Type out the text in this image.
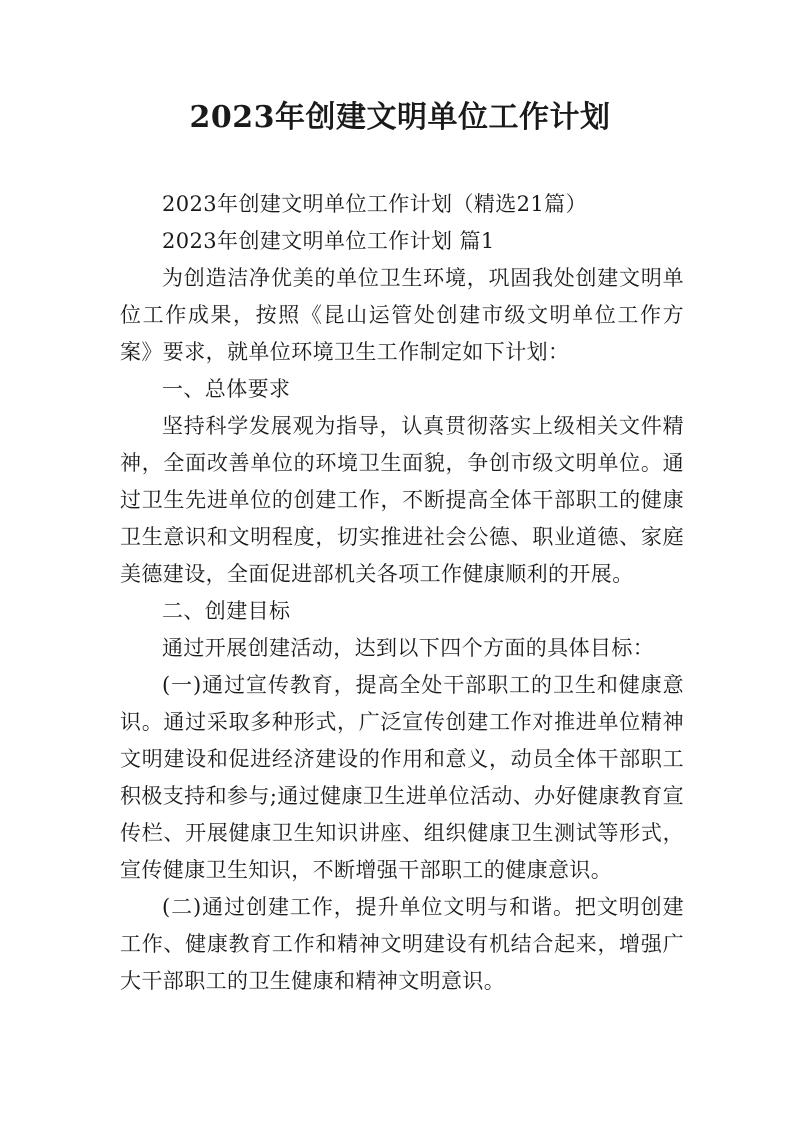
2023年创建文明单位工作计划

2023年创建文明单位工作计划（精选21篇）

2023年创建文明单位工作计划 篇1

为创造洁净优美的单位卫生环境，巩固我处创建文明单位工作成果，按照《昆山运管处创建市级文明单位工作方案》要求，就单位环境卫生工作制定如下计划：

一、总体要求

坚持科学发展观为指导，认真贯彻落实上级相关文件精神，全面改善单位的环境卫生面貌，争创市级文明单位。通过卫生先进单位的创建工作，不断提高全体干部职工的健康卫生意识和文明程度，切实推进社会公德、职业道德、家庭美德建设，全面促进部机关各项工作健康顺利的开展。

二、创建目标

通过开展创建活动，达到以下四个方面的具体目标：

(一)通过宣传教育，提高全处干部职工的卫生和健康意识。通过采取多种形式，广泛宣传创建工作对推进单位精神文明建设和促进经济建设的作用和意义，动员全体干部职工积极支持和参与;通过健康卫生进单位活动、办好健康教育宣传栏、开展健康卫生知识讲座、组织健康卫生测试等形式，宣传健康卫生知识，不断增强干部职工的健康意识。

(二)通过创建工作，提升单位文明与和谐。把文明创建工作、健康教育工作和精神文明建设有机结合起来，增强广大干部职工的卫生健康和精神文明意识。
